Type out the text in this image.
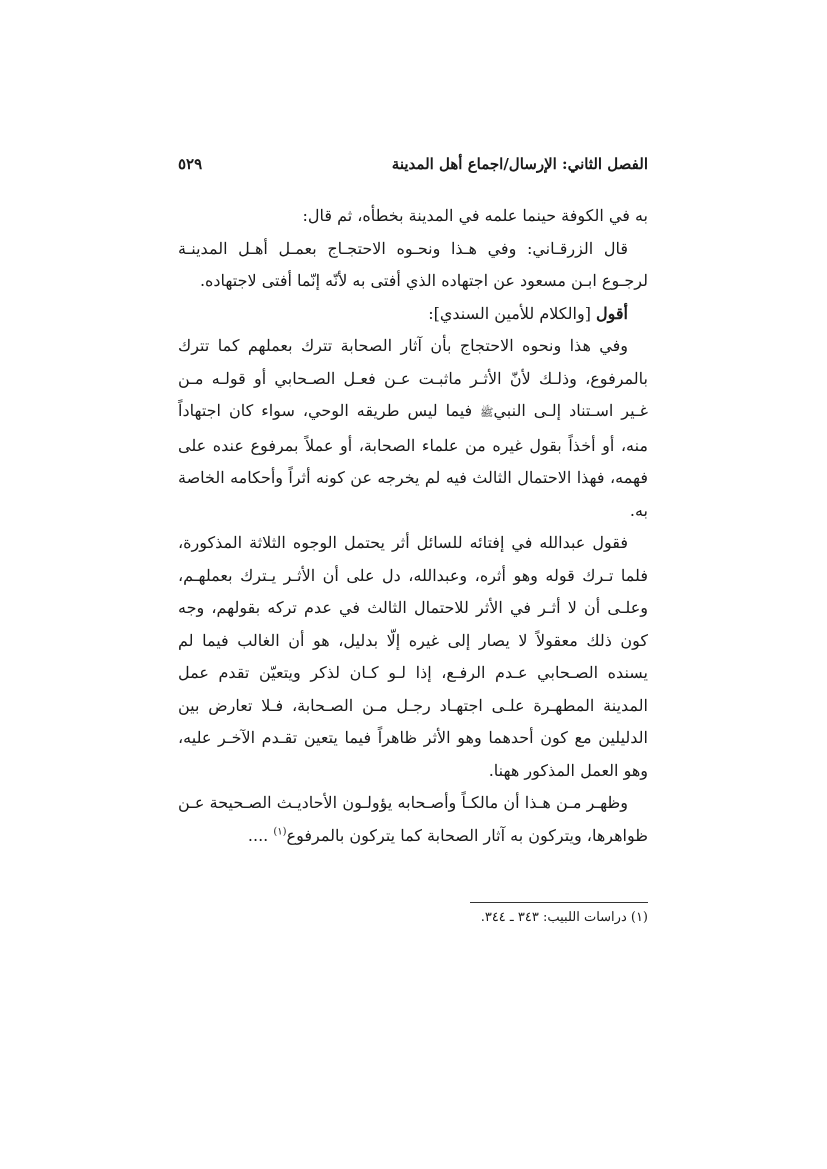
الفصل الثاني: الإرسال/اجماع أهل المدينة
٥٢٩

به في الكوفة حينما علمه في المدينة بخطأه، ثم قال:

قال الزرقـاني: وفي هـذا ونحـوه الاحتجـاج بعمـل أهـل المدينـة لرجـوع ابـن مسعود عن اجتهاده الذي أفتى به لأنّه إنّما أفتى لاجتهاده.

أقول [والكلام للأمين السندي]:

وفي هذا ونحوه الاحتجاج بأن آثار الصحابة تترك بعملهم كما تترك بالمرفوع، وذلـك لأنّ الأثـر ماثبـت عـن فعـل الصـحابي أو قولـه مـن غـير اسـتناد إلـى النبيﷺ فيما ليس طريقه الوحي، سواء كان اجتهاداً منه، أو أخذاً بقول غيره من علماء الصحابة، أو عملاً بمرفوع عنده على فهمه، فهذا الاحتمال الثالث فيه لم يخرجه عن كونه أثراً وأحكامه الخاصة به.

فقول عبدالله في إفتائه للسائل أثر يحتمل الوجوه الثلاثة المذكورة، فلما تـرك قوله وهو أثره، وعبدالله، دل على أن الأثـر يـترك بعملهـم، وعلـى أن لا أثـر في الأثر للاحتمال الثالث في عدم تركه بقولهم، وجه كون ذلك معقولاً لا يصار إلى غيره إلّا بدليل، هو أن الغالب فيما لم يسنده الصـحابي عـدم الرفـع، إذا لـو كـان لذكر ويتعيّن تقدم عمل المدينة المطهـرة علـى اجتهـاد رجـل مـن الصـحابة، فـلا تعارض بين الدليلين مع كون أحدهما وهو الأثر ظاهراً فيما يتعين تقـدم الآخـر عليه، وهو العمل المذكور ههنا.

وظهـر مـن هـذا أن مالكـاً وأصـحابه يؤولـون الأحاديـث الصـحيحة عـن ظواهرها، ويتركون به آثار الصحابة كما يتركون بالمرفوع$^{(١)}$ ....

(١) دراسات اللبيب: ٣٤٣ ـ ٣٤٤.
